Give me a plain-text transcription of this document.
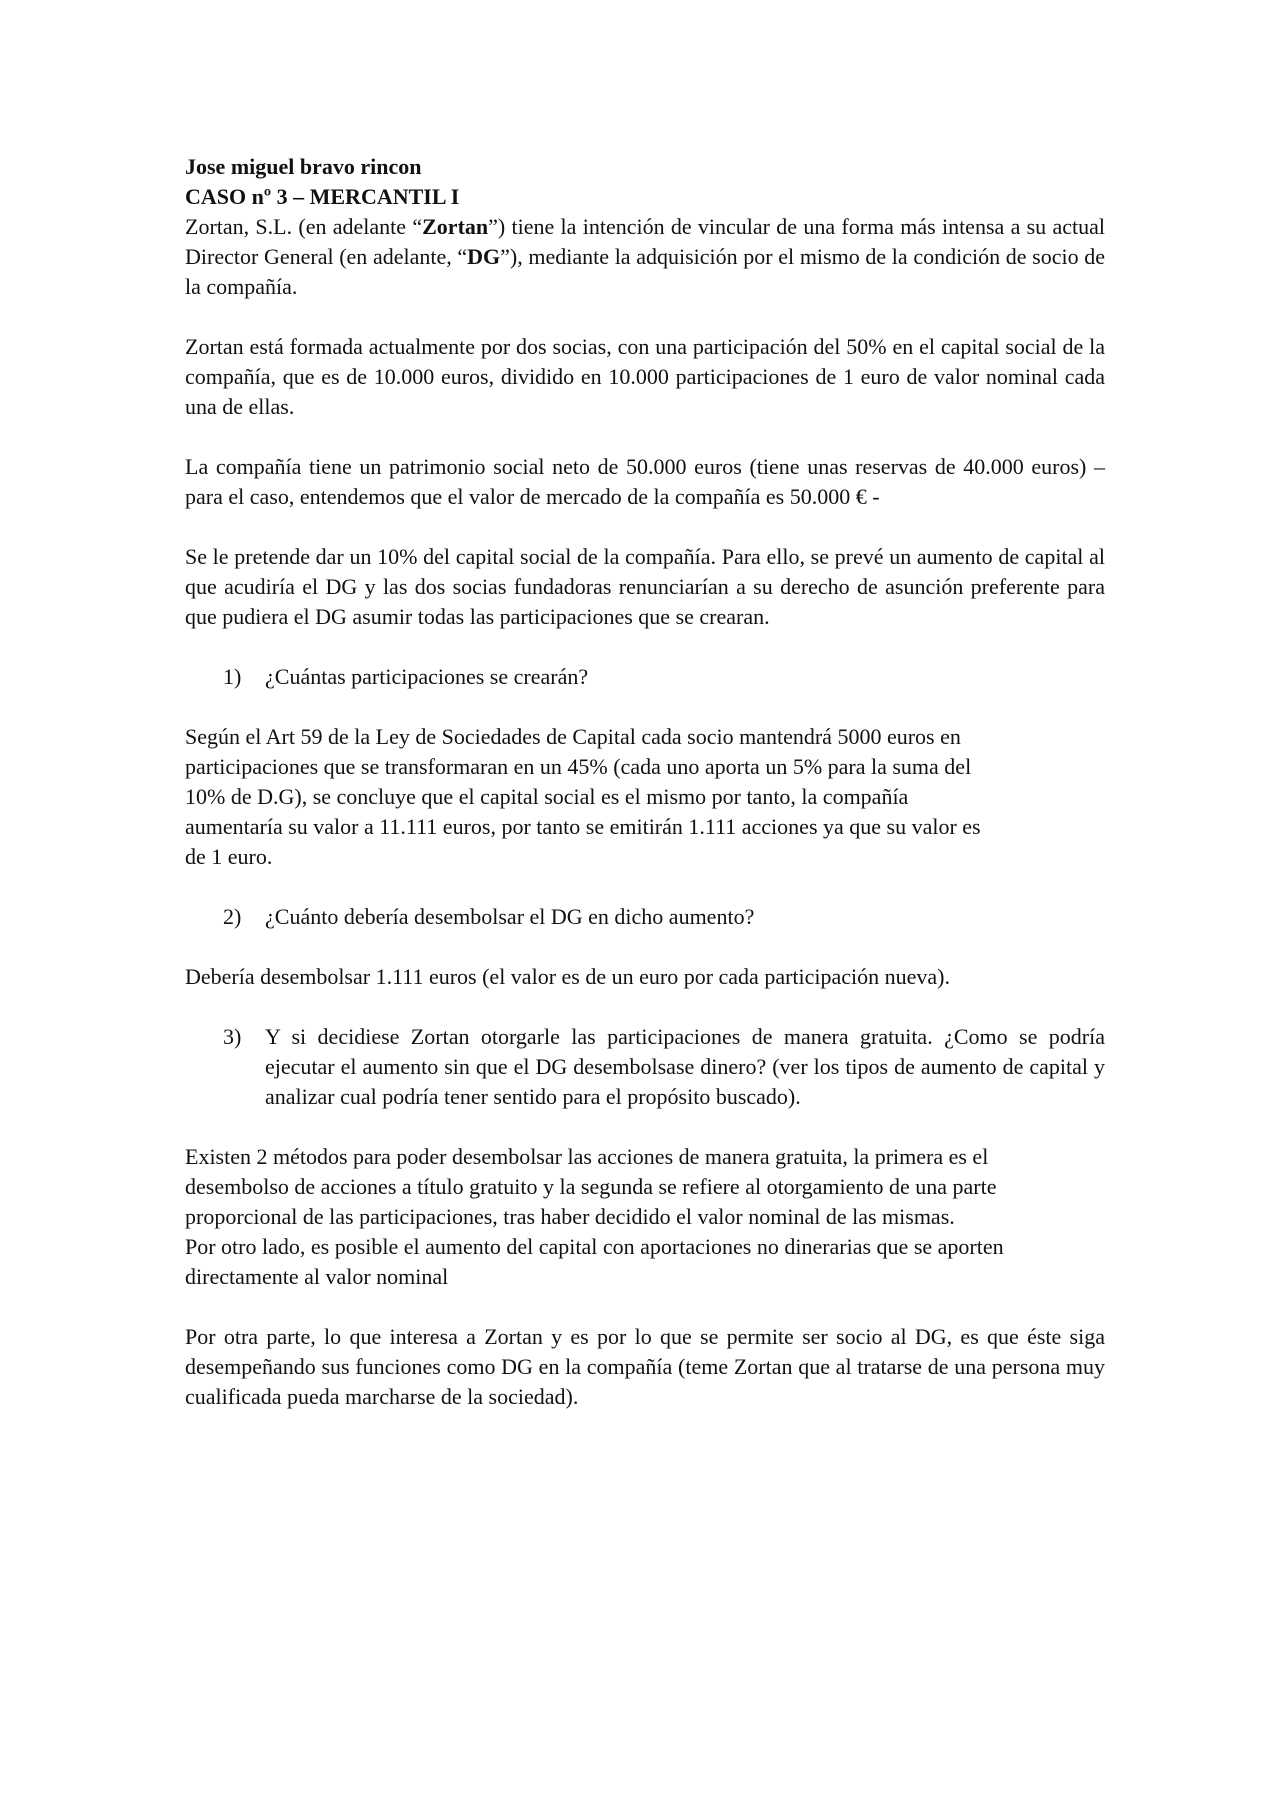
Jose miguel bravo rincon
CASO nº 3 – MERCANTIL I

Zortan, S.L. (en adelante “Zortan”) tiene la intención de vincular de una forma más intensa a su actual Director General (en adelante, “DG”), mediante la adquisición por el mismo de la condición de socio de la compañía.

Zortan está formada actualmente por dos socias, con una participación del 50% en el capital social de la compañía, que es de 10.000 euros, dividido en 10.000 participaciones de 1 euro de valor nominal cada una de ellas.

La compañía tiene un patrimonio social neto de 50.000 euros (tiene unas reservas de 40.000 euros) – para el caso, entendemos que el valor de mercado de la compañía es 50.000 € -

Se le pretende dar un 10% del capital social de la compañía. Para ello, se prevé un aumento de capital al que acudiría el DG y las dos socias fundadoras renunciarían a su derecho de asunción preferente para que pudiera el DG asumir todas las participaciones que se crearan.

1)	¿Cuántas participaciones se crearán?

Según el Art 59 de la Ley de Sociedades de Capital cada socio mantendrá 5000 euros en participaciones que se transformaran en un 45% (cada uno aporta un 5% para la suma del 10% de D.G), se concluye que el capital social es el mismo por tanto, la compañía aumentaría su valor a 11.111 euros, por tanto se emitirán 1.111 acciones ya que su valor es de 1 euro.

2)	¿Cuánto debería desembolsar el DG en dicho aumento?

Debería desembolsar 1.111 euros (el valor es de un euro por cada participación nueva).

3)	Y si decidiese Zortan otorgarle las participaciones de manera gratuita. ¿Como se podría ejecutar el aumento sin que el DG desembolsase dinero? (ver los tipos de aumento de capital y analizar cual podría tener sentido para el propósito buscado).

Existen 2 métodos para poder desembolsar las acciones de manera gratuita, la primera es el desembolso de acciones a título gratuito y la segunda se refiere al otorgamiento de una parte proporcional de las participaciones, tras haber decidido el valor nominal de las mismas.

Por otro lado, es posible el aumento del capital con aportaciones no dinerarias que se aporten directamente al valor nominal

Por otra parte, lo que interesa a Zortan y es por lo que se permite ser socio al DG, es que éste siga desempeñando sus funciones como DG en la compañía (teme Zortan que al tratarse de una persona muy cualificada pueda marcharse de la sociedad).
